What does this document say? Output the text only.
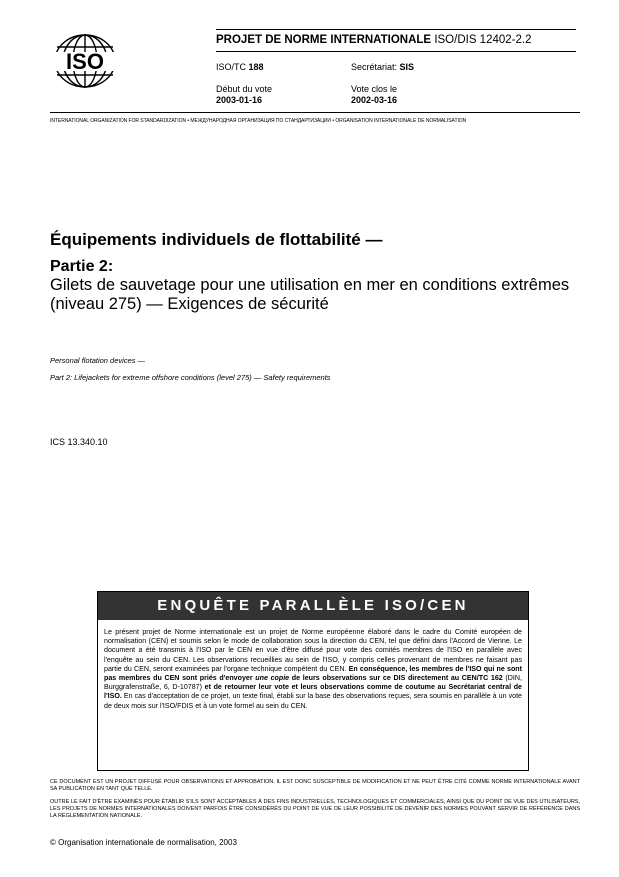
ISO
PROJET DE NORME INTERNATIONALE ISO/DIS 12402-2.2
ISO/TC 188	Secrétariat: SIS
Début du vote
2003-01-16
Vote clos le
2002-03-16
INTERNATIONAL ORGANIZATION FOR STANDARDIZATION • МЕЖДУНАРОДНАЯ ОРГАНИЗАЦИЯ ПО СТАНДАРТИЗАЦИИ • ORGANISATION INTERNATIONALE DE NORMALISATION
Équipements individuels de flottabilité —
Partie 2:
Gilets de sauvetage pour une utilisation en mer en conditions extrêmes (niveau 275) — Exigences de sécurité
Personal flotation devices —
Part 2: Lifejackets for extreme offshore conditions (level 275) — Safety requirements
ICS 13.340.10
ENQUÊTE PARALLÈLE ISO/CEN
Le présent projet de Norme internationale est un projet de Norme européenne élaboré dans le cadre du Comité européen de normalisation (CEN) et soumis selon le mode de collaboration sous la direction du CEN, tel que défini dans l'Accord de Vienne. Le document a été transmis à l'ISO par le CEN en vue d'être diffusé pour vote des comités membres de l'ISO en parallèle avec l'enquête au sein du CEN. Les observations recueillies au sein de l'ISO, y compris celles provenant de membres ne faisant pas partie du CEN, seront examinées par l'organe technique compétent du CEN. En conséquence, les membres de l'ISO qui ne sont pas membres du CEN sont priés d'envoyer une copie de leurs observations sur ce DIS directement au CEN/TC 162 (DIN, Burggrafenstraße, 6, D-10787) et de retourner leur vote et leurs observations comme de coutume au Secrétariat central de l'ISO. En cas d'acceptation de ce projet, un texte final, établi sur la base des observations reçues, sera soumis en parallèle à un vote de deux mois sur l'ISO/FDIS et à un vote formel au sein du CEN.
CE DOCUMENT EST UN PROJET DIFFUSÉ POUR OBSERVATIONS ET APPROBATION. IL EST DONC SUSCEPTIBLE DE MODIFICATION ET NE PEUT ÊTRE CITÉ COMME NORME INTERNATIONALE AVANT SA PUBLICATION EN TANT QUE TELLE.
OUTRE LE FAIT D'ÊTRE EXAMINÉS POUR ÉTABLIR S'ILS SONT ACCEPTABLES À DES FINS INDUSTRIELLES, TECHNOLOGIQUES ET COMMERCIALES, AINSI QUE DU POINT DE VUE DES UTILISATEURS, LES PROJETS DE NORMES INTERNATIONALES DOIVENT PARFOIS ÊTRE CONSIDÉRÉS DU POINT DE VUE DE LEUR POSSIBILITÉ DE DEVENIR DES NORMES POUVANT SERVIR DE RÉFÉRENCE DANS LA RÉGLEMENTATION NATIONALE.
© Organisation internationale de normalisation, 2003
